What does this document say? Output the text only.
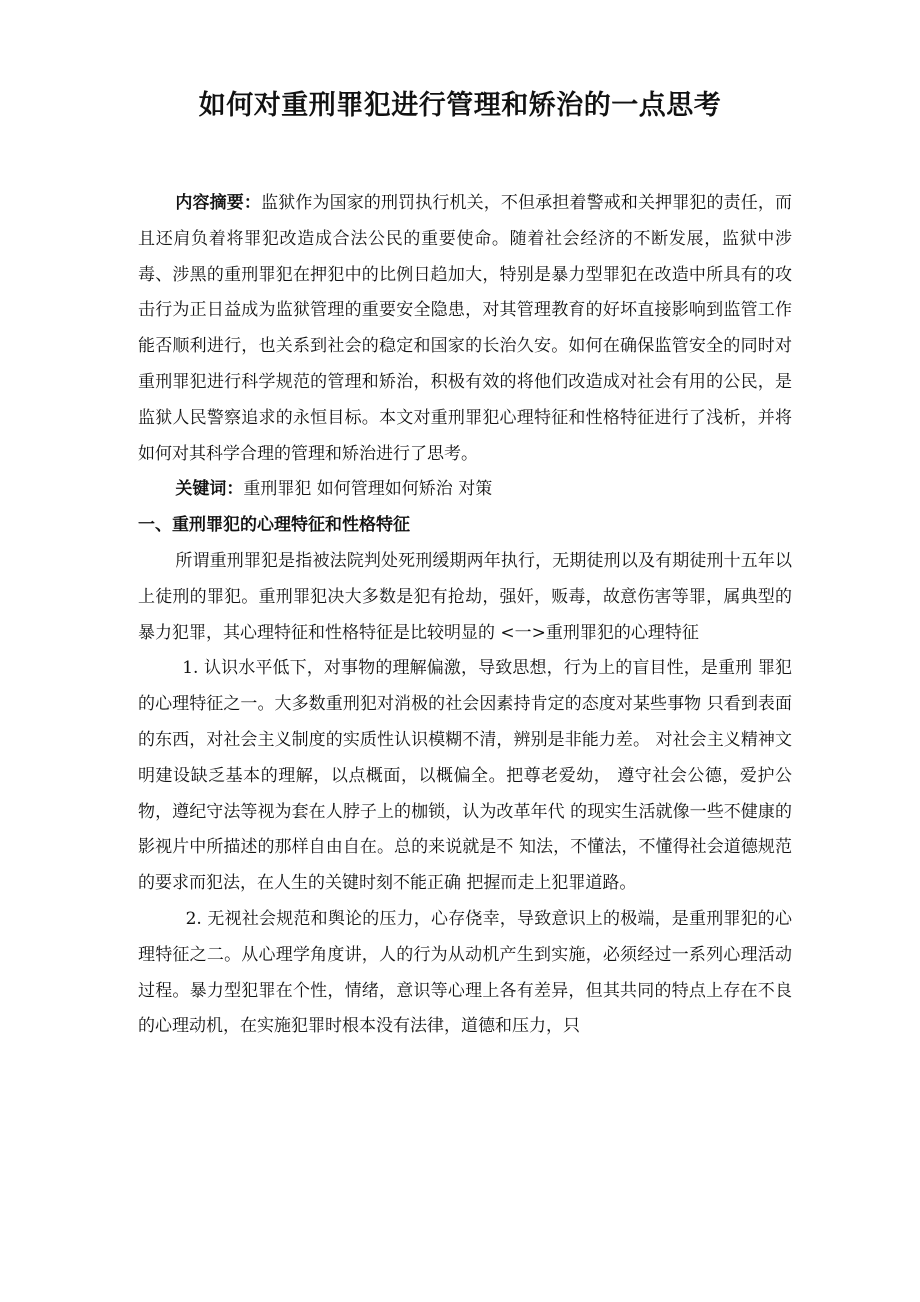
如何对重刑罪犯进行管理和矫治的一点思考

内容摘要：监狱作为国家的刑罚执行机关，不但承担着警戒和关押罪犯的责任，而且还肩负着将罪犯改造成合法公民的重要使命。随着社会经济的不断发展，监狱中涉毒、涉黑的重刑罪犯在押犯中的比例日趋加大，特别是暴力型罪犯在改造中所具有的攻击行为正日益成为监狱管理的重要安全隐患，对其管理教育的好坏直接影响到监管工作能否顺利进行，也关系到社会的稳定和国家的长治久安。如何在确保监管安全的同时对重刑罪犯进行科学规范的管理和矫治，积极有效的将他们改造成对社会有用的公民，是监狱人民警察追求的永恒目标。本文对重刑罪犯心理特征和性格特征进行了浅析，并将如何对其科学合理的管理和矫治进行了思考。

关键词：重刑罪犯 如何管理如何矫治 对策

一、重刑罪犯的心理特征和性格特征

所谓重刑罪犯是指被法院判处死刑缓期两年执行，无期徒刑以及有期徒刑十五年以上徒刑的罪犯。重刑罪犯决大多数是犯有抢劫，强奸，贩毒，故意伤害等罪，属典型的暴力犯罪，其心理特征和性格特征是比较明显的 <一>重刑罪犯的心理特征

1. 认识水平低下，对事物的理解偏激，导致思想，行为上的盲目性，是重刑 罪犯的心理特征之一。大多数重刑犯对消极的社会因素持肯定的态度对某些事物 只看到表面的东西，对社会主义制度的实质性认识模糊不清，辨别是非能力差。 对社会主义精神文明建设缺乏基本的理解，以点概面，以概偏全。把尊老爱幼， 遵守社会公德，爱护公物，遵纪守法等视为套在人脖子上的枷锁，认为改革年代 的现实生活就像一些不健康的影视片中所描述的那样自由自在。总的来说就是不 知法，不懂法，不懂得社会道德规范的要求而犯法，在人生的关键时刻不能正确 把握而走上犯罪道路。

2. 无视社会规范和舆论的压力，心存侥幸，导致意识上的极端，是重刑罪犯的心理特征之二。从心理学角度讲，人的行为从动机产生到实施，必须经过一系列心理活动过程。暴力型犯罪在个性，情绪，意识等心理上各有差异，但其共同的特点上存在不良的心理动机，在实施犯罪时根本没有法律，道德和压力，只
